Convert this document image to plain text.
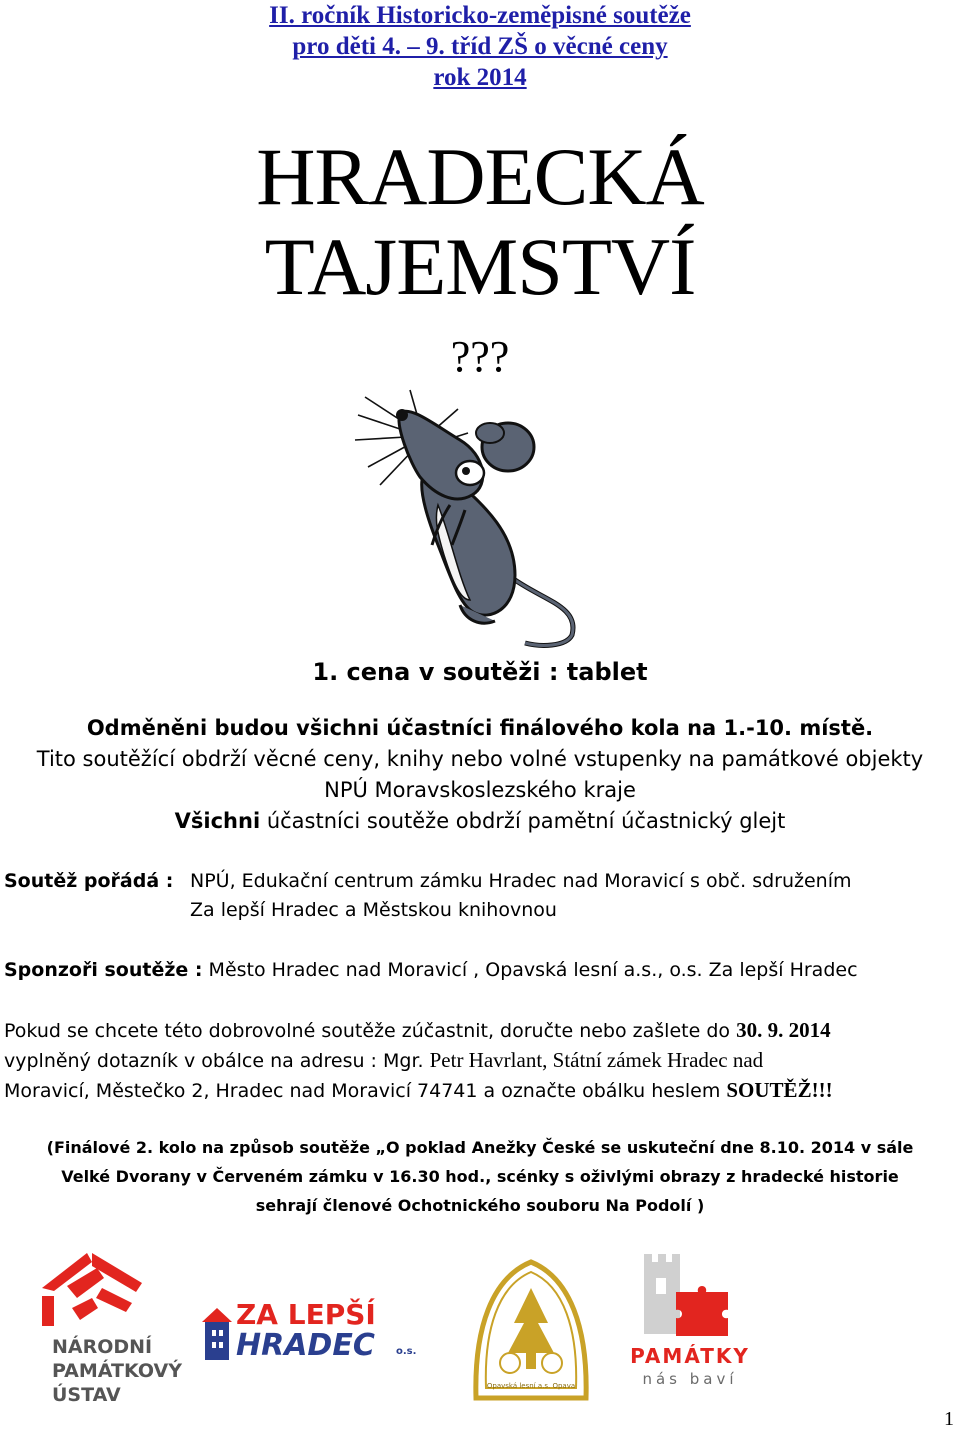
II. ročník Historicko-zeměpisné soutěže
pro děti 4. – 9. tříd ZŠ o věcné ceny
rok 2014
HRADECKÁ
TAJEMSTVÍ
???
1. cena v soutěži : tablet
Odměněni budou všichni účastníci finálového kola na 1.-10. místě.
Tito soutěžící obdrží věcné ceny, knihy nebo volné vstupenky na památkové objekty
NPÚ Moravskoslezského kraje
Všichni účastníci soutěže obdrží pamětní účastnický glejt
Soutěž pořádá : NPÚ, Edukační centrum zámku Hradec nad Moravicí s obč. sdružením
Za lepší Hradec a Městskou knihovnou
Sponzoři soutěže : Město Hradec nad Moravicí , Opavská lesní a.s., o.s. Za lepší Hradec
Pokud se chcete této dobrovolné soutěže zúčastnit, doručte nebo zašlete do 30. 9. 2014
vyplněný dotazník v obálce na adresu : Mgr. Petr Havrlant, Státní zámek Hradec nad
Moravicí, Městečko 2, Hradec nad Moravicí 74741 a označte obálku heslem SOUTĚŽ!!!
(Finálové 2. kolo na způsob soutěže „O poklad Anežky České se uskuteční dne 8.10. 2014 v sále
Velké Dvorany v Červeném zámku v 16.30 hod., scénky s oživlými obrazy z hradecké historie
sehrají členové Ochotnického souboru Na Podolí )
NÁRODNÍ
PAMÁTKOVÝ
ÚSTAV
ZA LEPŠÍ
HRADEC o.s.
Opavská lesní a.s. Opava
PAMÁTKY
nás baví
1
